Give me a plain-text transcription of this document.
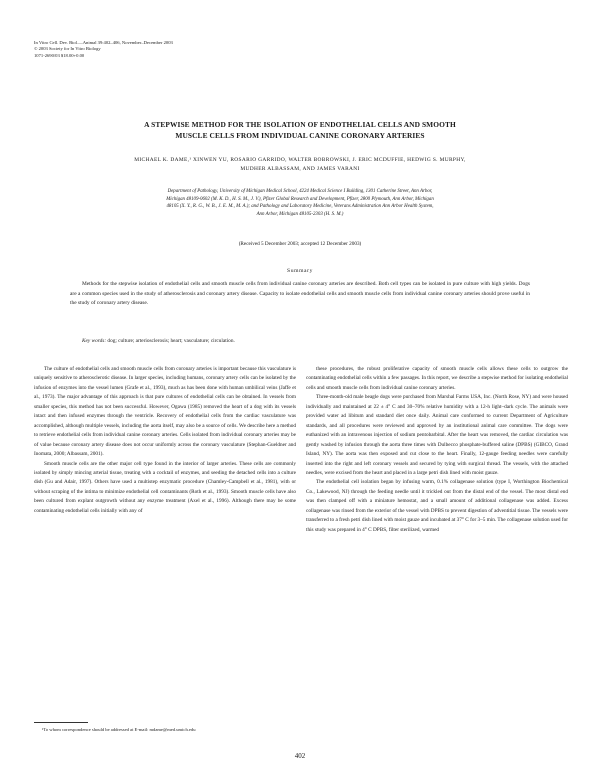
In Vitro Cell. Dev. Biol.—Animal 39:402–406, November–December 2003
© 2003 Society for In Vitro Biology
1071-2690/03 $18.00+0.00
A STEPWISE METHOD FOR THE ISOLATION OF ENDOTHELIAL CELLS AND SMOOTH
MUSCLE CELLS FROM INDIVIDUAL CANINE CORONARY ARTERIES
MICHAEL K. DAME,¹ XINWEN YU, ROSARIO GARRIDO, WALTER BOBROWSKI, J. ERIC MCDUFFIE, HEDWIG S. MURPHY,
MUDHER ALBASSAM, AND JAMES VARANI
Department of Pathology, University of Michigan Medical School, 4224 Medical Science I Building, 1301 Catherine Street, Ann Arbor,
Michigan 48109-0602 (M. K. D., H. S. M., J. V.), Pfizer Global Research and Development, Pfizer, 2800 Plymouth, Ann Arbor, Michigan
48105 (X. Y., R. G., W. B., J. E. M., M. A.); and Pathology and Laboratory Medicine, Veterans Administration Ann Arbor Health System,
Ann Arbor, Michigan 48105-2303 (H. S. M.)
(Received 5 December 2003; accepted 12 December 2003)
Summary
Methods for the stepwise isolation of endothelial cells and smooth muscle cells from individual canine coronary arteries are described. Both cell types can be isolated in pure culture with high yields. Dogs are a common species used in the study of atherosclerosis and coronary artery disease. Capacity to isolate endothelial cells and smooth muscle cells from individual canine coronary arteries should prove useful in the study of coronary artery disease.
Key words: dog; culture; arteriosclerosis; heart; vasculature; circulation.

The culture of endothelial cells and smooth muscle cells from coronary arteries is important because this vasculature is uniquely sensitive to atherosclerotic disease. In larger species, including humans, coronary artery cells can be isolated by the infusion of enzymes into the vessel lumen (Grafe et al., 1993), much as has been done with human umbilical veins (Jaffe et al., 1973). The major advantage of this approach is that pure cultures of endothelial cells can be obtained. In vessels from smaller species, this method has not been successful. However, Ogawa (1985) removed the heart of a dog with its vessels intact and then infused enzymes through the ventricle. Recovery of endothelial cells from the cardiac vasculature was accomplished, although multiple vessels, including the aorta itself, may also be a source of cells. We describe here a method to retrieve endothelial cells from individual canine coronary arteries. Cells isolated from individual coronary arteries may be of value because coronary artery disease does not occur uniformly across the coronary vasculature (Stephan-Gueldner and Inomata, 2000; Albassam, 2001).

Smooth muscle cells are the other major cell type found in the interior of larger arteries. These cells are commonly isolated by simply mincing arterial tissue, treating with a cocktail of enzymes, and seeding the detached cells into a culture dish (Gu and Adair, 1997). Others have used a multistep enzymatic procedure (Chamley-Campbell et al., 1981), with or without scraping of the intima to minimize endothelial cell contaminants (Roth et al., 1993). Smooth muscle cells have also been cultured from explant outgrowth without any enzyme treatment (Axel et al., 1996). Although there may be some contaminating endothelial cells initially with any of

these procedures, the robust proliferative capacity of smooth muscle cells allows these cells to outgrow the contaminating endothelial cells within a few passages. In this report, we describe a stepwise method for isolating endothelial cells and smooth muscle cells from individual canine coronary arteries.

Three-month-old male beagle dogs were purchased from Marshal Farms USA, Inc. (North Rose, NY) and were housed individually and maintained at 22 ± 4° C and 30–70% relative humidity with a 12-h light–dark cycle. The animals were provided water ad libitum and standard diet once daily. Animal care conformed to current Department of Agriculture standards, and all procedures were reviewed and approved by an institutional animal care committee. The dogs were euthanized with an intravenous injection of sodium pentobarbital. After the heart was removed, the cardiac circulation was gently washed by infusion through the aorta three times with Dulbecco phosphate-buffered saline (DPBS) (GIBCO, Grand Island, NY). The aorta was then exposed and cut close to the heart. Finally, 12-gauge feeding needles were carefully inserted into the right and left coronary vessels and secured by tying with surgical thread. The vessels, with the attached needles, were excised from the heart and placed in a large petri dish lined with moist gauze.

The endothelial cell isolation began by infusing warm, 0.1% collagenase solution (type I, Worthington Biochemical Co., Lakewood, NJ) through the feeding needle until it trickled out from the distal end of the vessel. The most distal end was then clamped off with a miniature hemostat, and a small amount of additional collagenase was added. Excess collagenase was rinsed from the exterior of the vessel with DPBS to prevent digestion of adventitial tissue. The vessels were transferred to a fresh petri dish lined with moist gauze and incubated at 37° C for 3–5 min. The collagenase solution used for this study was prepared in 4° C DPBS, filter sterilized, warmed

¹To whom correspondence should be addressed at E-mail: mdame@med.umich.edu
402
